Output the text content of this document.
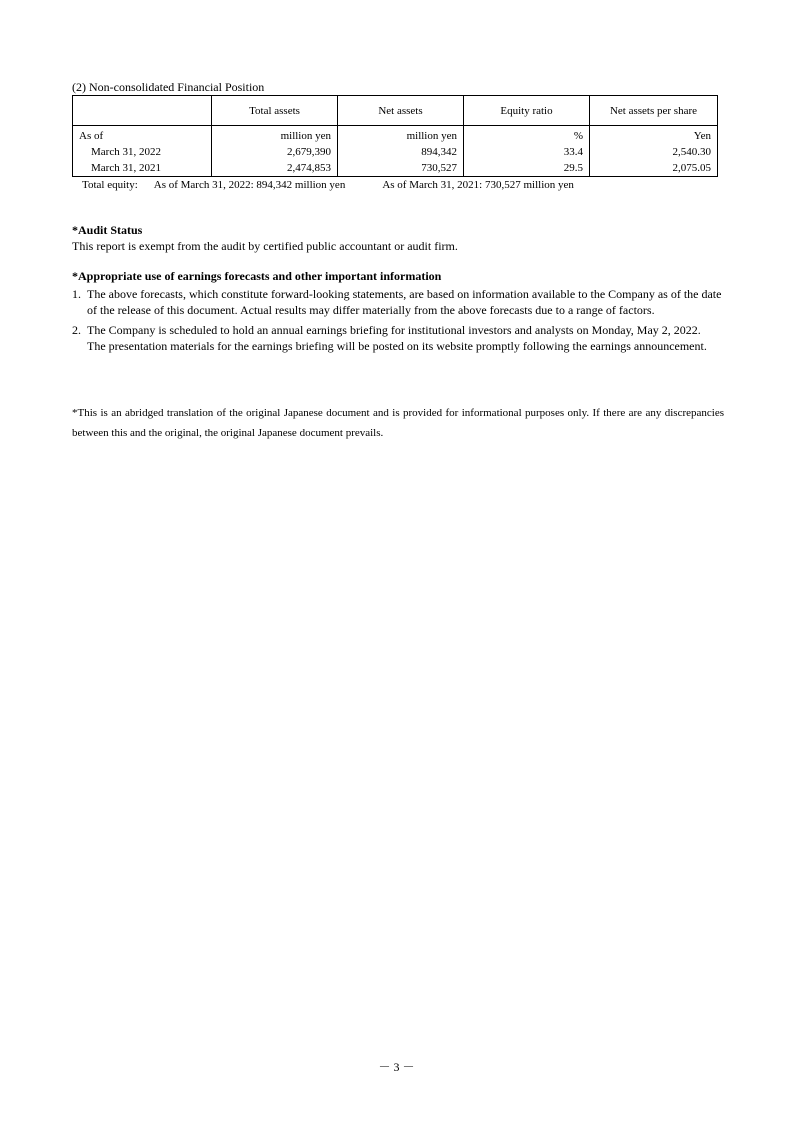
(2) Non-consolidated Financial Position
	Total assets	Net assets	Equity ratio	Net assets per share
As of	million yen	million yen	%	Yen
March 31, 2022	2,679,390	894,342	33.4	2,540.30
March 31, 2021	2,474,853	730,527	29.5	2,075.05
Total equity: As of March 31, 2022: 894,342 million yen	As of March 31, 2021: 730,527 million yen
*Audit Status
This report is exempt from the audit by certified public accountant or audit firm.
*Appropriate use of earnings forecasts and other important information
1. The above forecasts, which constitute forward-looking statements, are based on information available to the Company as of the date of the release of this document. Actual results may differ materially from the above forecasts due to a range of factors.
2. The Company is scheduled to hold an annual earnings briefing for institutional investors and analysts on Monday, May 2, 2022. The presentation materials for the earnings briefing will be posted on its website promptly following the earnings announcement.
*This is an abridged translation of the original Japanese document and is provided for informational purposes only. If there are any discrepancies between this and the original, the original Japanese document prevails.
－ 3 －
